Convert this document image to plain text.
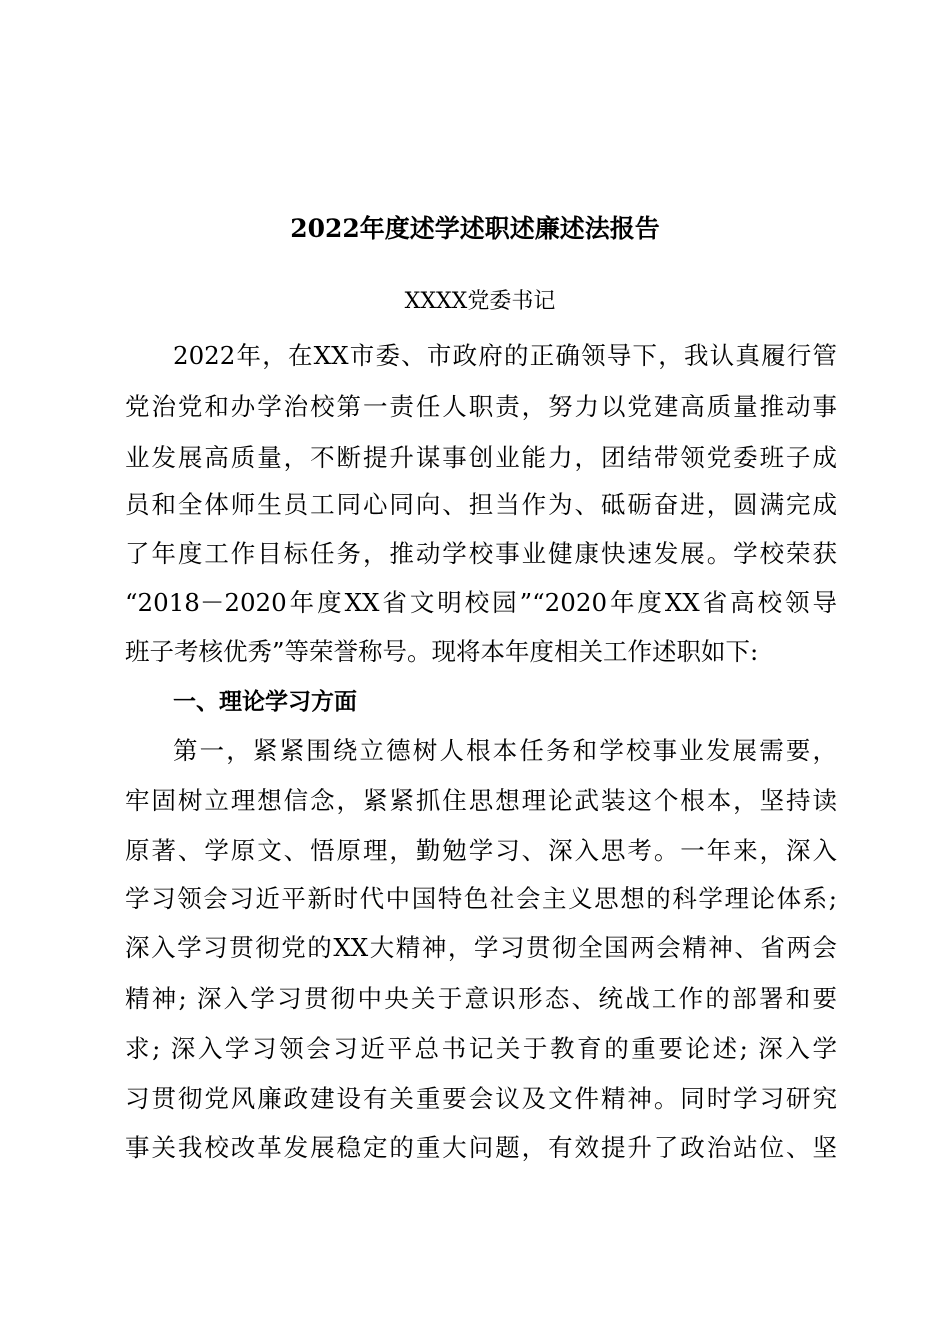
2022年度述学述职述廉述法报告
XXXX党委书记
2022年，在XX市委、市政府的正确领导下，我认真履行管
党治党和办学治校第一责任人职责，努力以党建高质量推动事
业发展高质量，不断提升谋事创业能力，团结带领党委班子成
员和全体师生员工同心同向、担当作为、砥砺奋进，圆满完成
了年度工作目标任务，推动学校事业健康快速发展。学校荣获
“2018－2020年度XX省文明校园”“2020年度XX省高校领导
班子考核优秀”等荣誉称号。现将本年度相关工作述职如下:
一、理论学习方面
第一，紧紧围绕立德树人根本任务和学校事业发展需要，
牢固树立理想信念，紧紧抓住思想理论武装这个根本，坚持读
原著、学原文、悟原理，勤勉学习、深入思考。一年来，深入
学习领会习近平新时代中国特色社会主义思想的科学理论体系;
深入学习贯彻党的XX大精神，学习贯彻全国两会精神、省两会
精神; 深入学习贯彻中央关于意识形态、统战工作的部署和要
求; 深入学习领会习近平总书记关于教育的重要论述; 深入学
习贯彻党风廉政建设有关重要会议及文件精神。同时学习研究
事关我校改革发展稳定的重大问题，有效提升了政治站位、坚
